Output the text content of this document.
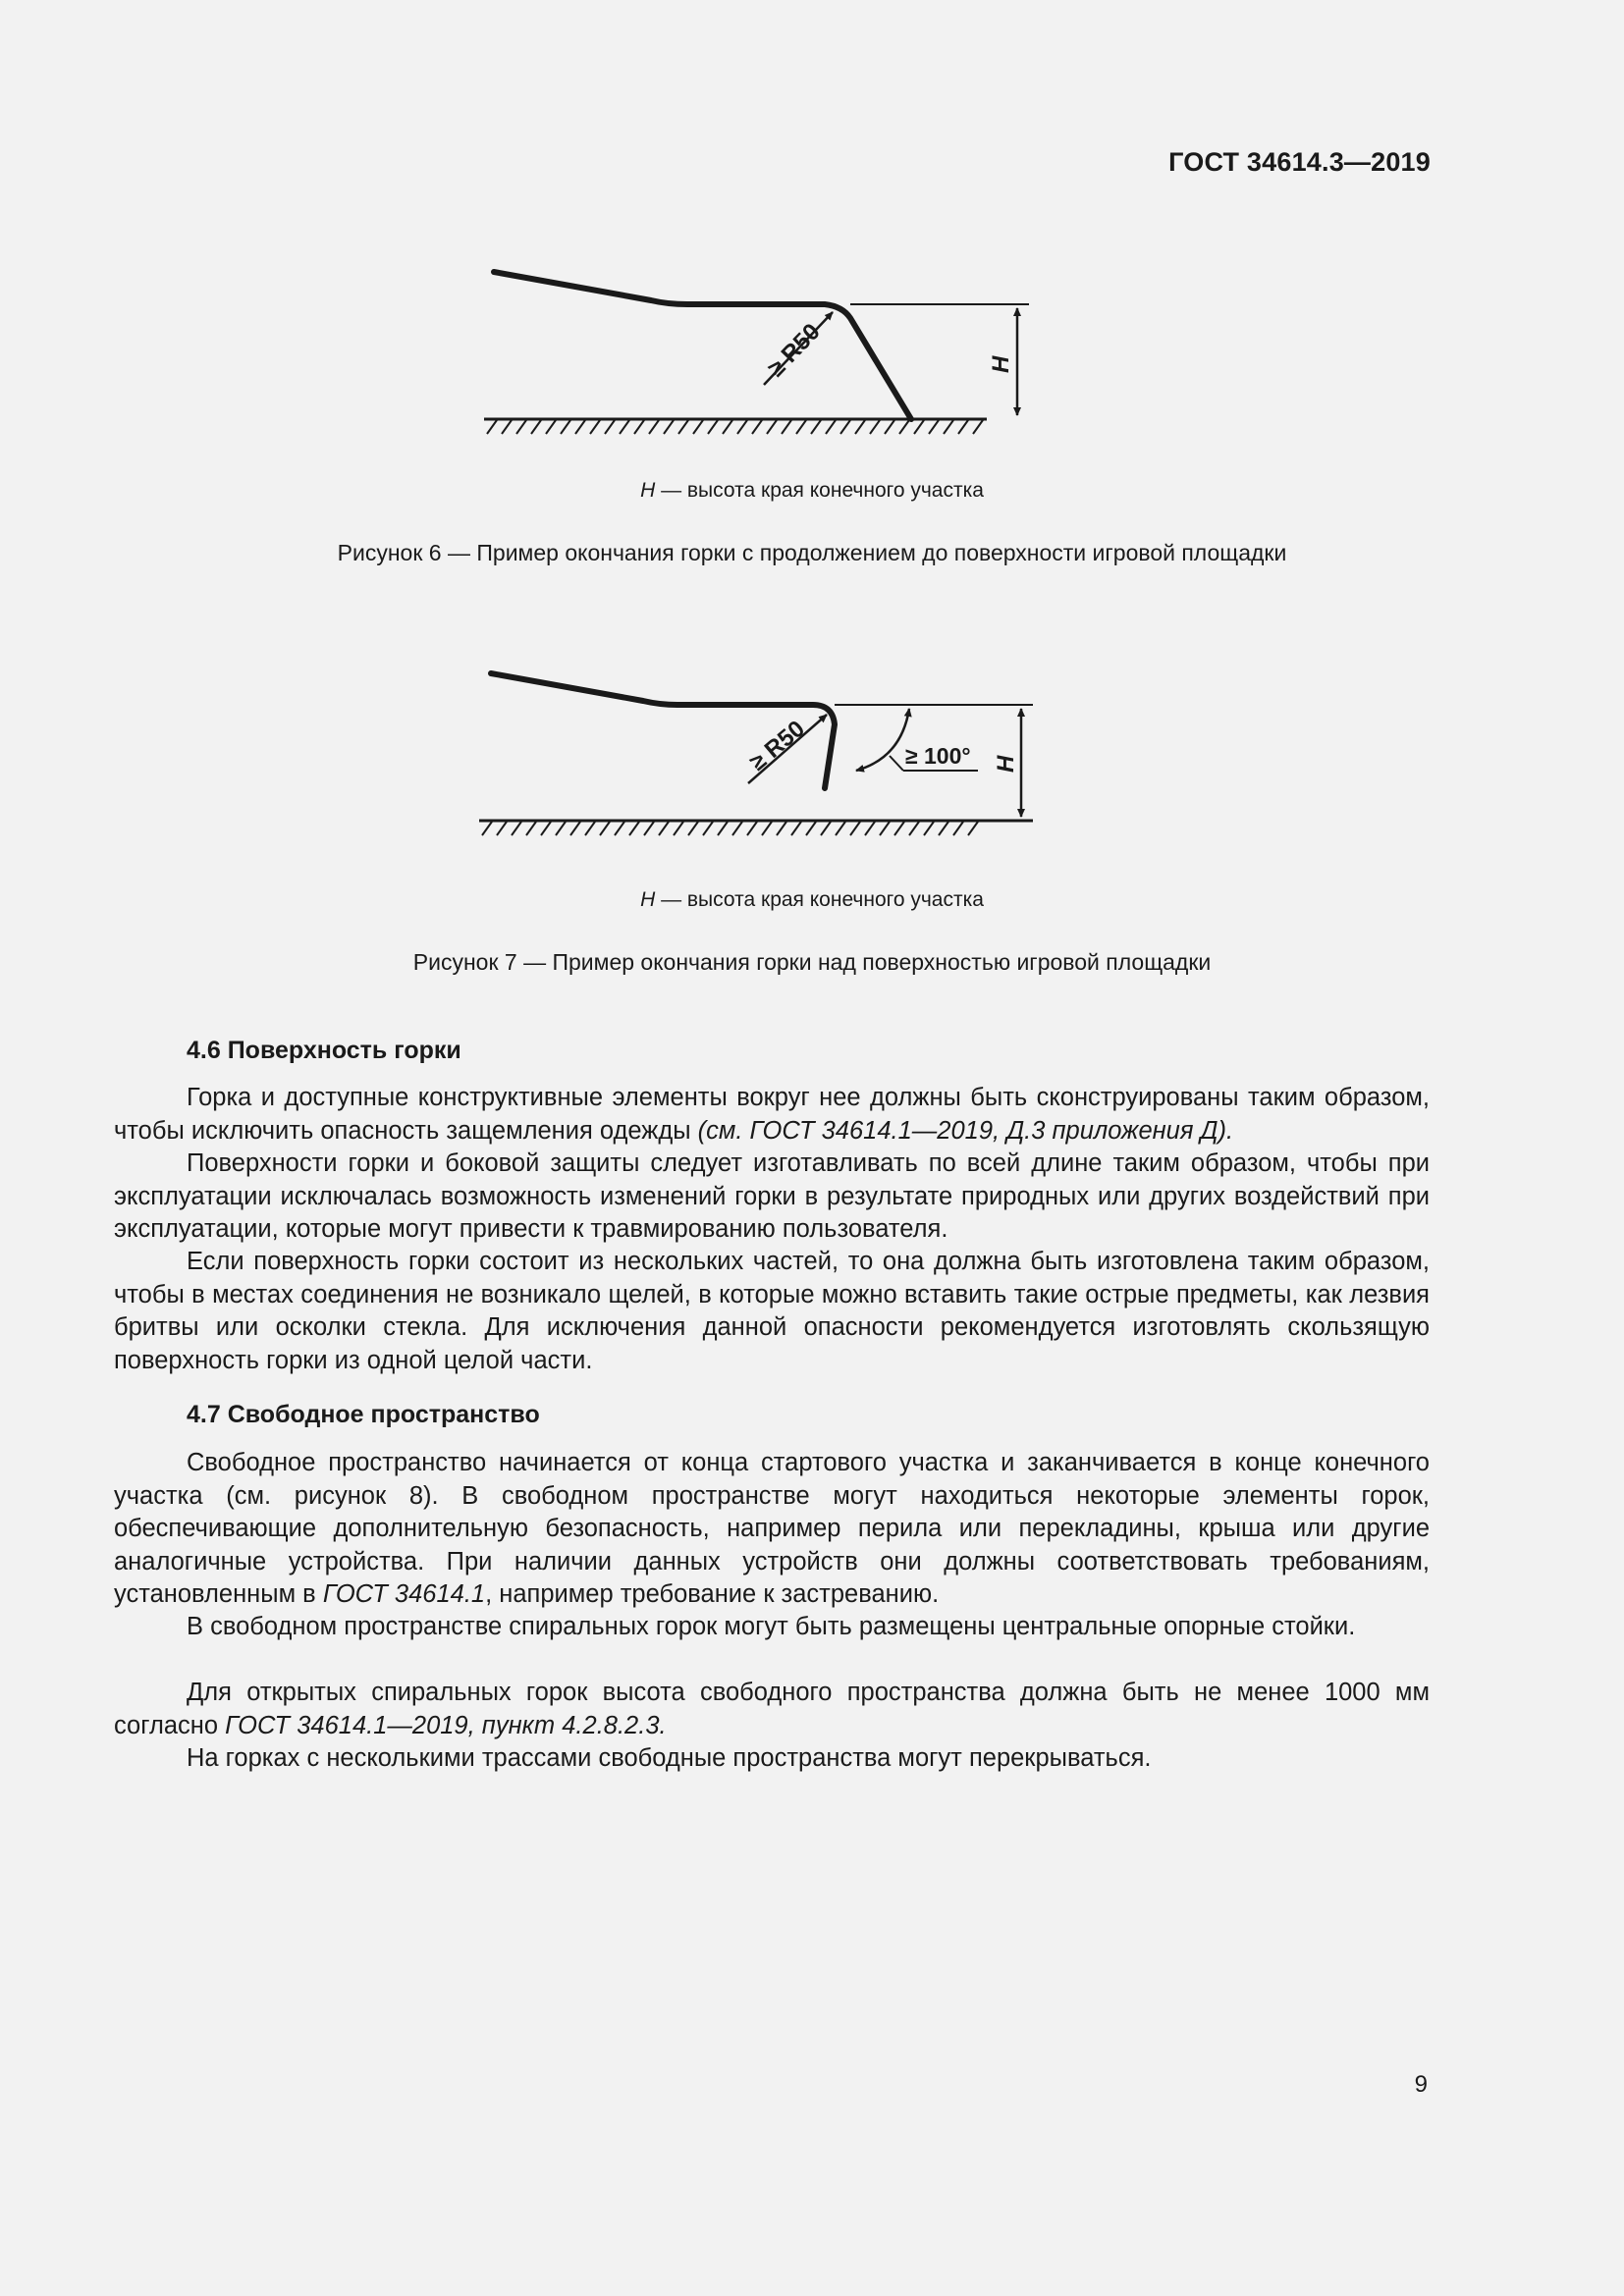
ГОСТ 34614.3—2019
≥ R50	H
H — высота края конечного участка
Рисунок 6 — Пример окончания горки с продолжением до поверхности игровой площадки
≥ R50	≥ 100° H
H — высота края конечного участка
Рисунок 7 — Пример окончания горки над поверхностью игровой площадки
4.6 Поверхность горки

Горка и доступные конструктивные элементы вокруг нее должны быть сконструированы таким образом, чтобы исключить опасность защемления одежды (см. ГОСТ 34614.1—2019, Д.3 приложения Д).

Поверхности горки и боковой защиты следует изготавливать по всей длине таким образом, чтобы при эксплуатации исключалась возможность изменений горки в результате природных или других воздействий при эксплуатации, которые могут привести к травмированию пользователя.

Если поверхность горки состоит из нескольких частей, то она должна быть изготовлена таким образом, чтобы в местах соединения не возникало щелей, в которые можно вставить такие острые предметы, как лезвия бритвы или осколки стекла. Для исключения данной опасности рекомендуется изготовлять скользящую поверхность горки из одной целой части.

4.7 Свободное пространство

Свободное пространство начинается от конца стартового участка и заканчивается в конце конечного участка (см. рисунок 8). В свободном пространстве могут находиться некоторые элементы горок, обеспечивающие дополнительную безопасность, например перила или перекладины, крыша или другие аналогичные устройства. При наличии данных устройств они должны соответствовать требованиям, установленным в ГОСТ 34614.1, например требование к застреванию.

В свободном пространстве спиральных горок могут быть размещены центральные опорные стойки.

Для открытых спиральных горок высота свободного пространства должна быть не менее 1000 мм согласно ГОСТ 34614.1—2019, пункт 4.2.8.2.3.

На горках с несколькими трассами свободные пространства могут перекрываться.

9
